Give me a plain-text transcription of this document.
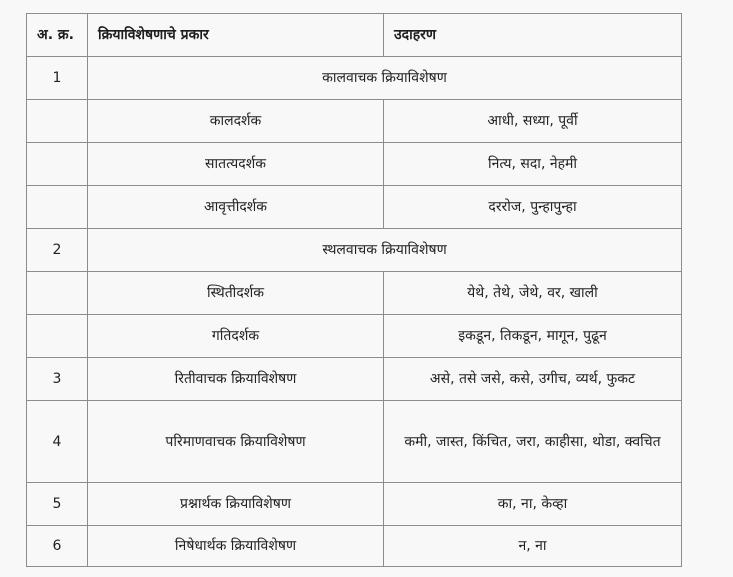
अ. क्र.	क्रियाविशेषणाचे प्रकार	उदाहरण
1	कालवाचक क्रियाविशेषण	
	कालदर्शक	आधी, सध्या, पूर्वी
	सातत्यदर्शक	नित्य, सदा, नेहमी
	आवृत्तीदर्शक	दररोज, पुन्हापुन्हा
2	स्थलवाचक क्रियाविशेषण	
	स्थितीदर्शक	येथे, तेथे, जेथे, वर, खाली
	गतिदर्शक	इकडून, तिकडून, मागून, पुढून
3	रितीवाचक क्रियाविशेषण	असे, तसे जसे, कसे, उगीच, व्यर्थ, फुकट
4	परिमाणवाचक क्रियाविशेषण	कमी, जास्त, किंचित, जरा, काहीसा, थोडा, क्वचित
5	प्रश्नार्थक क्रियाविशेषण	का, ना, केव्हा
6	निषेधार्थक क्रियाविशेषण	न, ना
